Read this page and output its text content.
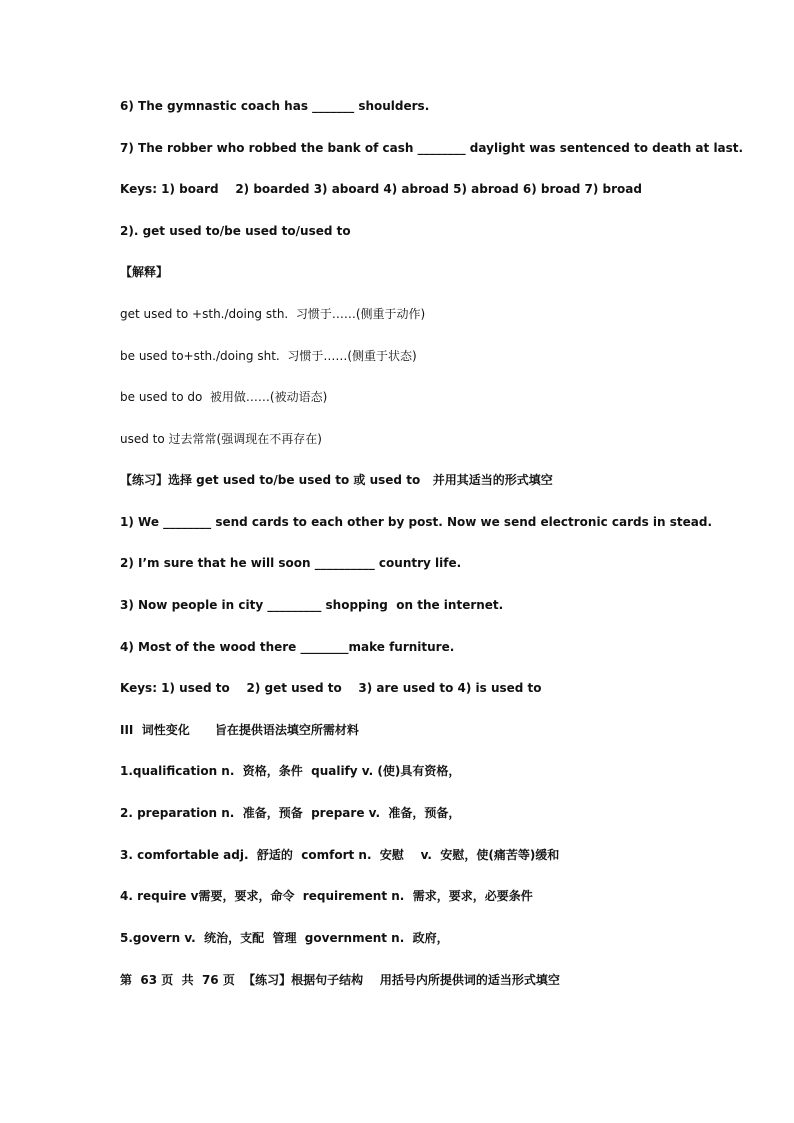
6) The gymnastic coach has _______ shoulders.
7) The robber who robbed the bank of cash ________ daylight was sentenced to death at last.
Keys: 1) board    2) boarded 3) aboard 4) abroad 5) abroad 6) broad 7) broad
2). get used to/be used to/used to
【解释】
get used to +sth./doing sth.  习惯于……(侧重于动作)
be used to+sth./doing sht.  习惯于……(侧重于状态)
be used to do  被用做……(被动语态)
used to 过去常常(强调现在不再存在)
【练习】选择 get used to/be used to 或 used to   并用其适当的形式填空
1) We ________ send cards to each other by post. Now we send electronic cards in stead.
2) I’m sure that he will soon __________ country life.
3) Now people in city _________ shopping  on the internet.
4) Most of the wood there ________make furniture.
Keys: 1) used to    2) get used to    3) are used to 4) is used to
III  词性变化      旨在提供语法填空所需材料
1.qualification n.  资格，条件  qualify v. (使)具有资格，
2. preparation n.  准备，预备  prepare v.  准备，预备，
3. comfortable adj.  舒适的  comfort n.  安慰    v.  安慰，使(痛苦等)缓和
4. require v需要，要求，命令  requirement n.  需求，要求，必要条件
5.govern v.  统治，支配  管理  government n.  政府，
第  63 页  共  76 页  【练习】根据句子结构    用括号内所提供词的适当形式填空
